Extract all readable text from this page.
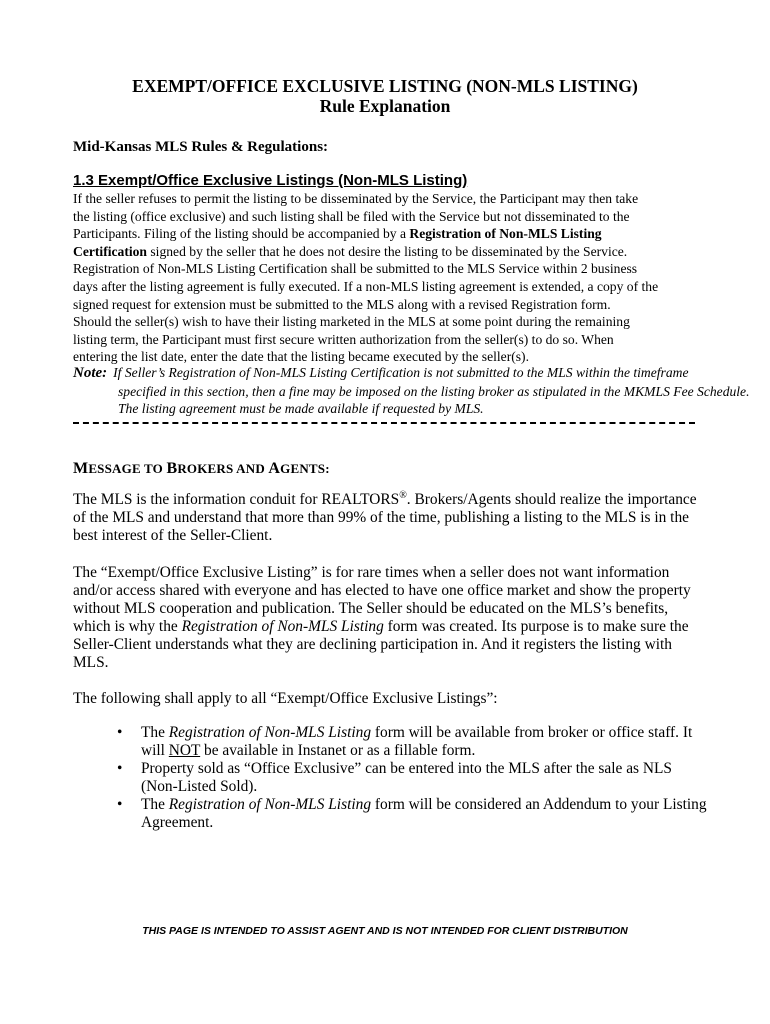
EXEMPT/OFFICE EXCLUSIVE LISTING (NON-MLS LISTING)
Rule Explanation
Mid-Kansas MLS Rules & Regulations:
1.3 Exempt/Office Exclusive Listings (Non-MLS Listing)
If the seller refuses to permit the listing to be disseminated by the Service, the Participant may then take
the listing (office exclusive) and such listing shall be filed with the Service but not disseminated to the
Participants. Filing of the listing should be accompanied by a Registration of Non-MLS Listing
Certification signed by the seller that he does not desire the listing to be disseminated by the Service.
Registration of Non-MLS Listing Certification shall be submitted to the MLS Service within 2 business
days after the listing agreement is fully executed. If a non-MLS listing agreement is extended, a copy of the
signed request for extension must be submitted to the MLS along with a revised Registration form.
Should the seller(s) wish to have their listing marketed in the MLS at some point during the remaining
listing term, the Participant must first secure written authorization from the seller(s) to do so. When
entering the list date, enter the date that the listing became executed by the seller(s).
Note: If Seller’s Registration of Non-MLS Listing Certification is not submitted to the MLS within the timeframe
specified in this section, then a fine may be imposed on the listing broker as stipulated in the MKMLS Fee Schedule.
The listing agreement must be made available if requested by MLS.
MESSAGE TO BROKERS AND AGENTS:
The MLS is the information conduit for REALTORS®. Brokers/Agents should realize the importance
of the MLS and understand that more than 99% of the time, publishing a listing to the MLS is in the
best interest of the Seller-Client.
The “Exempt/Office Exclusive Listing” is for rare times when a seller does not want information
and/or access shared with everyone and has elected to have one office market and show the property
without MLS cooperation and publication. The Seller should be educated on the MLS’s benefits,
which is why the Registration of Non-MLS Listing form was created. Its purpose is to make sure the
Seller-Client understands what they are declining participation in. And it registers the listing with
MLS.
The following shall apply to all “Exempt/Office Exclusive Listings”:
• The Registration of Non-MLS Listing form will be available from broker or office staff. It
will NOT be available in Instanet or as a fillable form.
• Property sold as “Office Exclusive” can be entered into the MLS after the sale as NLS
(Non-Listed Sold).
• The Registration of Non-MLS Listing form will be considered an Addendum to your Listing
Agreement.
THIS PAGE IS INTENDED TO ASSIST AGENT AND IS NOT INTENDED FOR CLIENT DISTRIBUTION
